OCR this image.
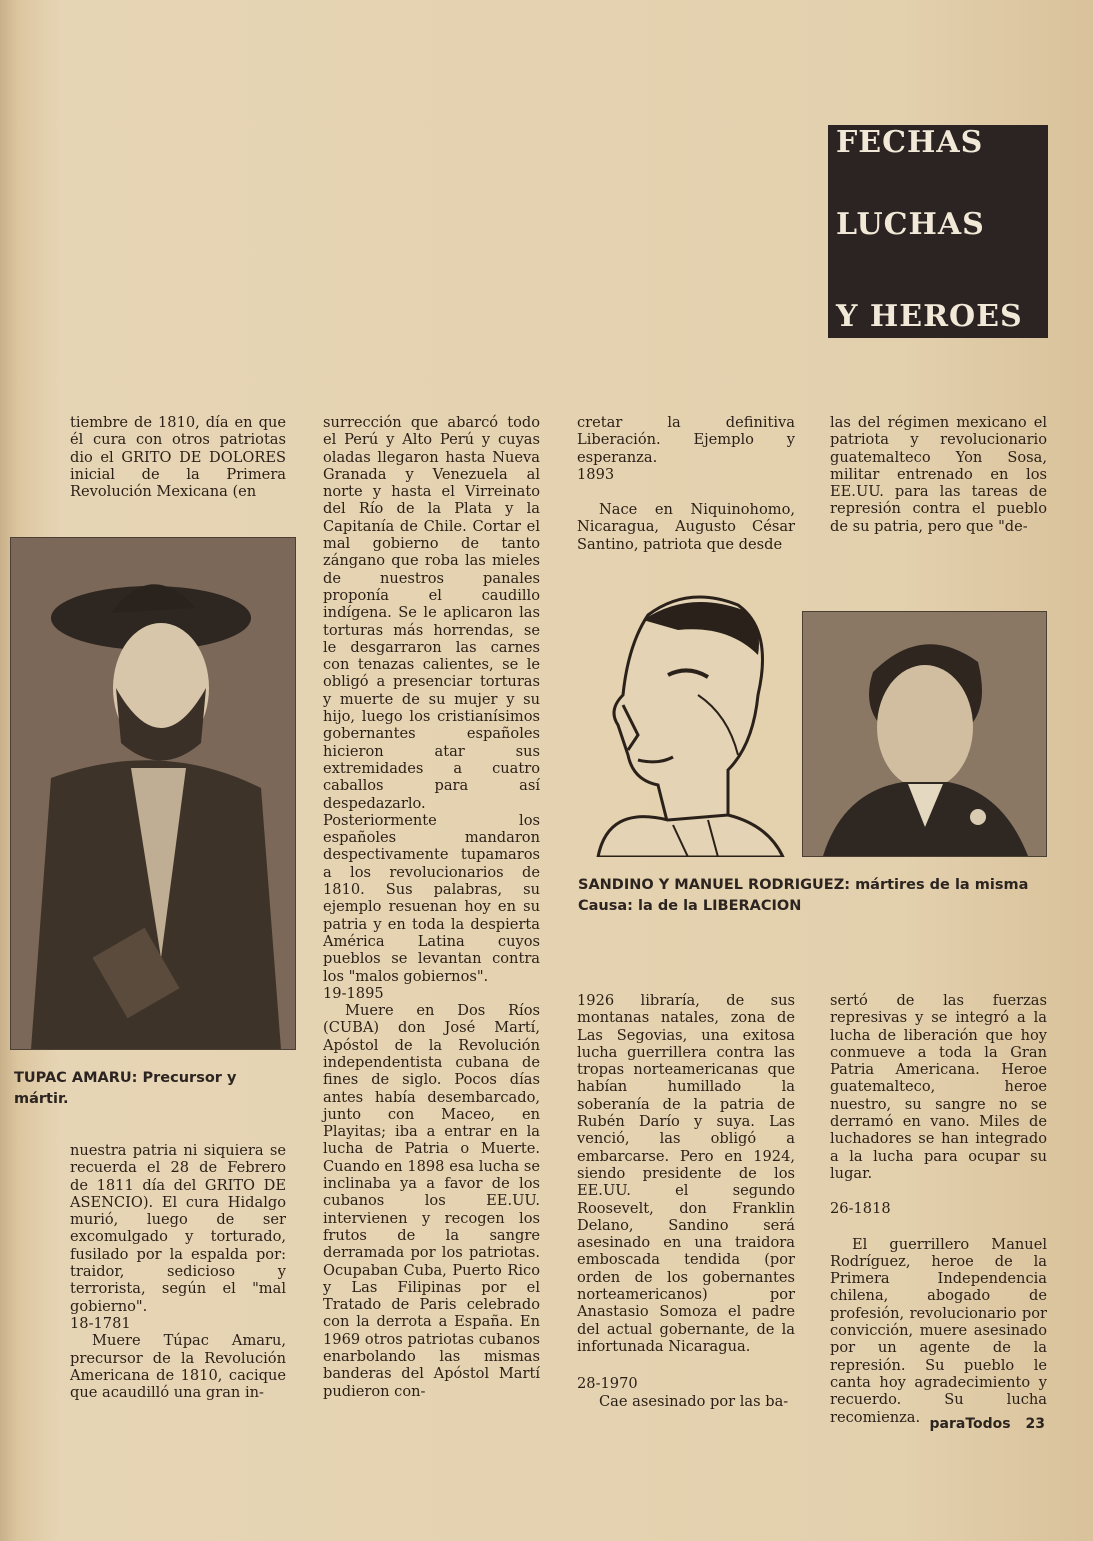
FECHAS
LUCHAS
Y HEROES

tiembre de 1810, día en que él cura con otros patriotas dio el GRITO DE DOLORES inicial de la Primera Revolución Mexicana (en

TUPAC AMARU: Precursor y mártir.

nuestra patria ni siquiera se recuerda el 28 de Febrero de 1811 día del GRITO DE ASENCIO). El cura Hidalgo murió, luego de ser excomulgado y torturado, fusilado por la espalda por: traidor, sedicioso y terrorista, según el "mal gobierno".

18-1781

Muere Túpac Amaru, precursor de la Revolución Americana de 1810, cacique que acaudilló una gran in-

surrección que abarcó todo el Perú y Alto Perú y cuyas oladas llegaron hasta Nueva Granada y Venezuela al norte y hasta el Virreinato del Río de la Plata y la Capitanía de Chile. Cortar el mal gobierno de tanto zángano que roba las mieles de nuestros panales proponía el caudillo indígena. Se le aplicaron las torturas más horrendas, se le desgarraron las carnes con tenazas calientes, se le obligó a presenciar torturas y muerte de su mujer y su hijo, luego los cristianísimos gobernantes españoles hicieron atar sus extremidades a cuatro caballos para así despedazarlo. Posteriormente los españoles mandaron despectivamente tupamaros a los revolucionarios de 1810. Sus palabras, su ejemplo resuenan hoy en su patria y en toda la despierta América Latina cuyos pueblos se levantan contra los "malos gobiernos".

19-1895

Muere en Dos Ríos (CUBA) don José Martí, Apóstol de la Revolución independentista cubana de fines de siglo. Pocos días antes había desembarcado, junto con Maceo, en Playitas; iba a entrar en la lucha de Patria o Muerte. Cuando en 1898 esa lucha se inclinaba ya a favor de los cubanos los EE.UU. intervienen y recogen los frutos de la sangre derramada por los patriotas. Ocupaban Cuba, Puerto Rico y Las Filipinas por el Tratado de Paris celebrado con la derrota a España. En 1969 otros patriotas cubanos enarbolando las mismas banderas del Apóstol Martí pudieron con-

cretar la definitiva Liberación. Ejemplo y esperanza.

1893

Nace en Niquinohomo, Nicaragua, Augusto César Santino, patriota que desde

las del régimen mexicano el patriota y revolucionario guatemalteco Yon Sosa, militar entrenado en los EE.UU. para las tareas de represión contra el pueblo de su patria, pero que "de-

SANDINO Y MANUEL RODRIGUEZ: mártires de la misma Causa: la de la LIBERACION

1926 libraría, de sus montanas natales, zona de Las Segovias, una exitosa lucha guerrillera contra las tropas norteamericanas que habían humillado la soberanía de la patria de Rubén Darío y suya. Las venció, las obligó a embarcarse. Pero en 1924, siendo presidente de los EE.UU. el segundo Roosevelt, don Franklin Delano, Sandino será asesinado en una traidora emboscada tendida (por orden de los gobernantes norteamericanos) por Anastasio Somoza el padre del actual gobernante, de la infortunada Nicaragua.

28-1970

Cae asesinado por las ba-

sertó de las fuerzas represivas y se integró a la lucha de liberación que hoy conmueve a toda la Gran Patria Americana. Heroe guatemalteco, heroe nuestro, su sangre no se derramó en vano. Miles de luchadores se han integrado a la lucha para ocupar su lugar.

26-1818

El guerrillero Manuel Rodríguez, heroe de la Primera Independencia chilena, abogado de profesión, revolucionario por convicción, muere asesinado por un agente de la represión. Su pueblo le canta hoy agradecimiento y recuerdo. Su lucha recomienza. paraTodos 23
